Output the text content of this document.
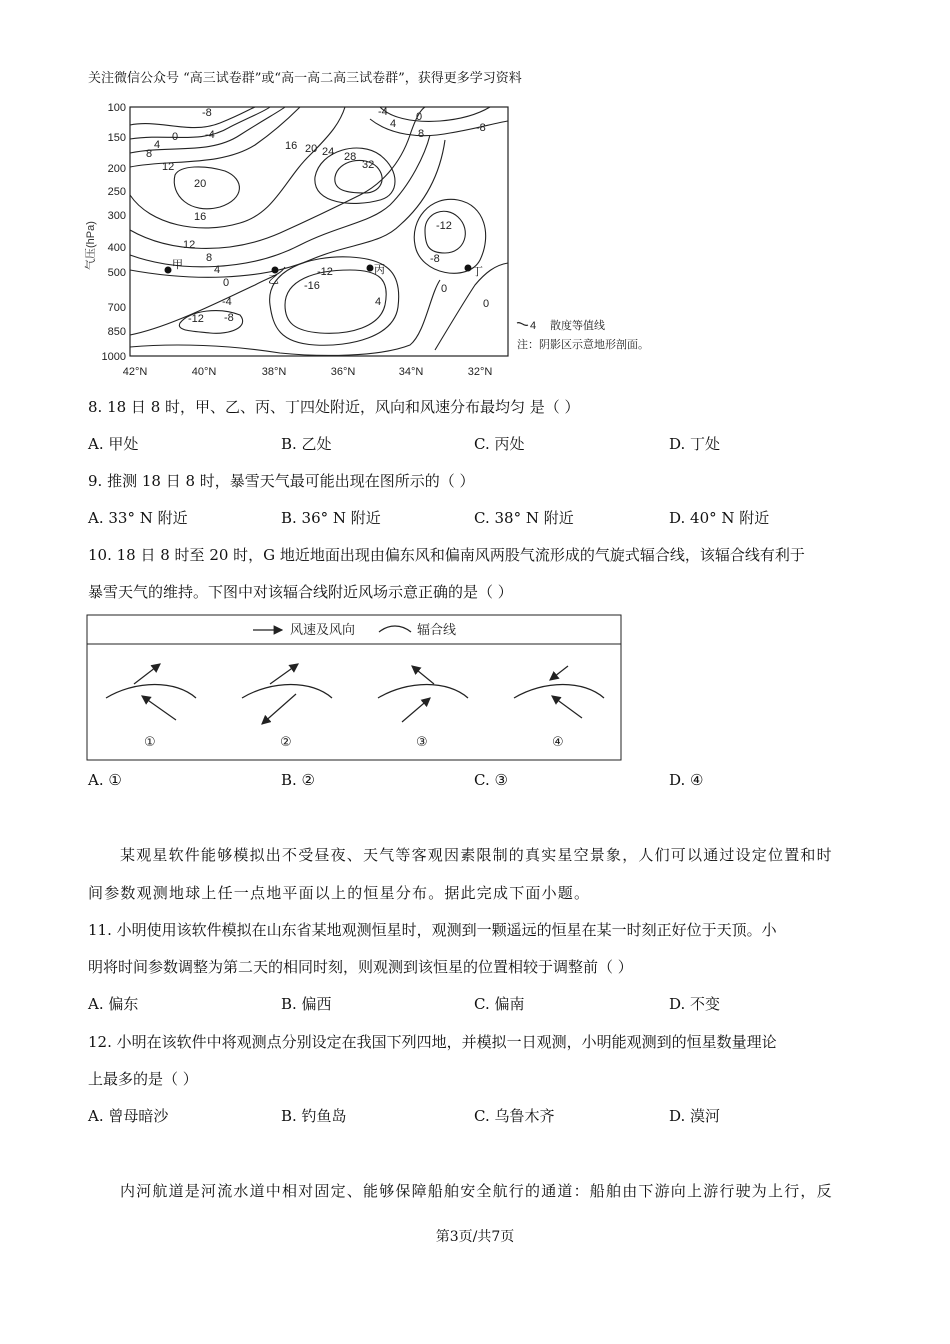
关注微信公众号 “高三试卷群”或“高一高二高三试卷群”，获得更多学习资料
气压(hPa)
100
150
200
250
300
400
500
700
850
1000
42°N	40°N	38°N	36°N	34°N	32°N
-8
-4
0
4
8
12
20
16
12
8
4
0
-4
-8
-12
16 20 24 28
32
-4	0
4
8	-8
-12
-8
0
0
-12
-16
4
甲
乙
丙	丁
4 散度等值线
注：阴影区示意地形剖面。
8. 18 日 8 时，甲、乙、丙、丁四处附近，风向和风速分布最均匀 是（ ）
A. 甲处	B. 乙处	C. 丙处	D. 丁处
9. 推测 18 日 8 时，暴雪天气最可能出现在图所示的（ ）
A. 33° N 附近	B. 36° N 附近	C. 38° N 附近	D. 40° N 附近
10. 18 日 8 时至 20 时，G 地近地面出现由偏东风和偏南风两股气流形成的气旋式辐合线，该辐合线有利于
暴雪天气的维持。下图中对该辐合线附近风场示意正确的是（ ）
风速及风向	辐合线
①	②	③	④
A. ①	B. ②	C. ③	D. ④
某观星软件能够模拟出不受昼夜、天气等客观因素限制的真实星空景象，人们可以通过设定位置和时
间参数观测地球上任一点地平面以上的恒星分布。据此完成下面小题。
11. 小明使用该软件模拟在山东省某地观测恒星时，观测到一颗遥远的恒星在某一时刻正好位于天顶。小
明将时间参数调整为第二天的相同时刻，则观测到该恒星的位置相较于调整前（ ）
A. 偏东	B. 偏西	C. 偏南	D. 不变
12. 小明在该软件中将观测点分别设定在我国下列四地，并模拟一日观测，小明能观测到的恒星数量理论
上最多的是（ ）
A. 曾母暗沙	B. 钓鱼岛	C. 乌鲁木齐	D. 漠河
内河航道是河流水道中相对固定、能够保障船舶安全航行的通道：船舶由下游向上游行驶为上行，反
第3页/共7页
